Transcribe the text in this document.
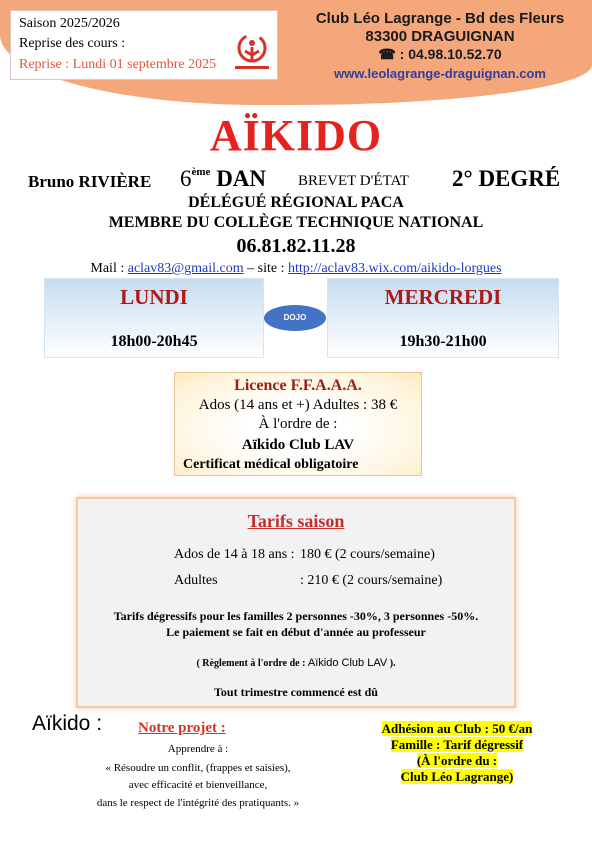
Saison 2025/2026
Reprise des cours :
Reprise : Lundi 01 septembre 2025
Club Léo Lagrange - Bd des Fleurs
83300 DRAGUIGNAN
☎ : 04.98.10.52.70
www.leolagrange-draguignan.com
AÏKIDO
Bruno RIVIÈRE 6ème DAN BREVET D'ÉTAT 2° DEGRÉ
DÉLÉGUÉ RÉGIONAL PACA
MEMBRE DU COLLÈGE TECHNIQUE NATIONAL
06.81.82.11.28
Mail : aclav83@gmail.com – site : http://aclav83.wix.com/aikido-lorgues
LUNDI
18h00-20h45
DOJO
MERCREDI
19h30-21h00
Licence F.F.A.A.A.
Ados (14 ans et +) Adultes : 38 €
À l'ordre de :
Aïkido Club LAV
Certificat médical obligatoire
Tarifs saison
Ados de 14 à 18 ans : 180 € (2 cours/semaine)
Adultes	: 210 € (2 cours/semaine)
Tarifs dégressifs pour les familles 2 personnes -30%, 3 personnes -50%.
Le paiement se fait en début d'année au professeur
( Règlement à l'ordre de : Aïkido Club LAV ).
Tout trimestre commencé est dû
Aïkido : Notre projet :
Apprendre à :
« Résoudre un conflit, (frappes et saisies),
avec efficacité et bienveillance,
dans le respect de l'intégrité des pratiquants. »
Adhésion au Club : 50 €/an
Famille : Tarif dégressif
(À l'ordre du :
Club Léo Lagrange)
